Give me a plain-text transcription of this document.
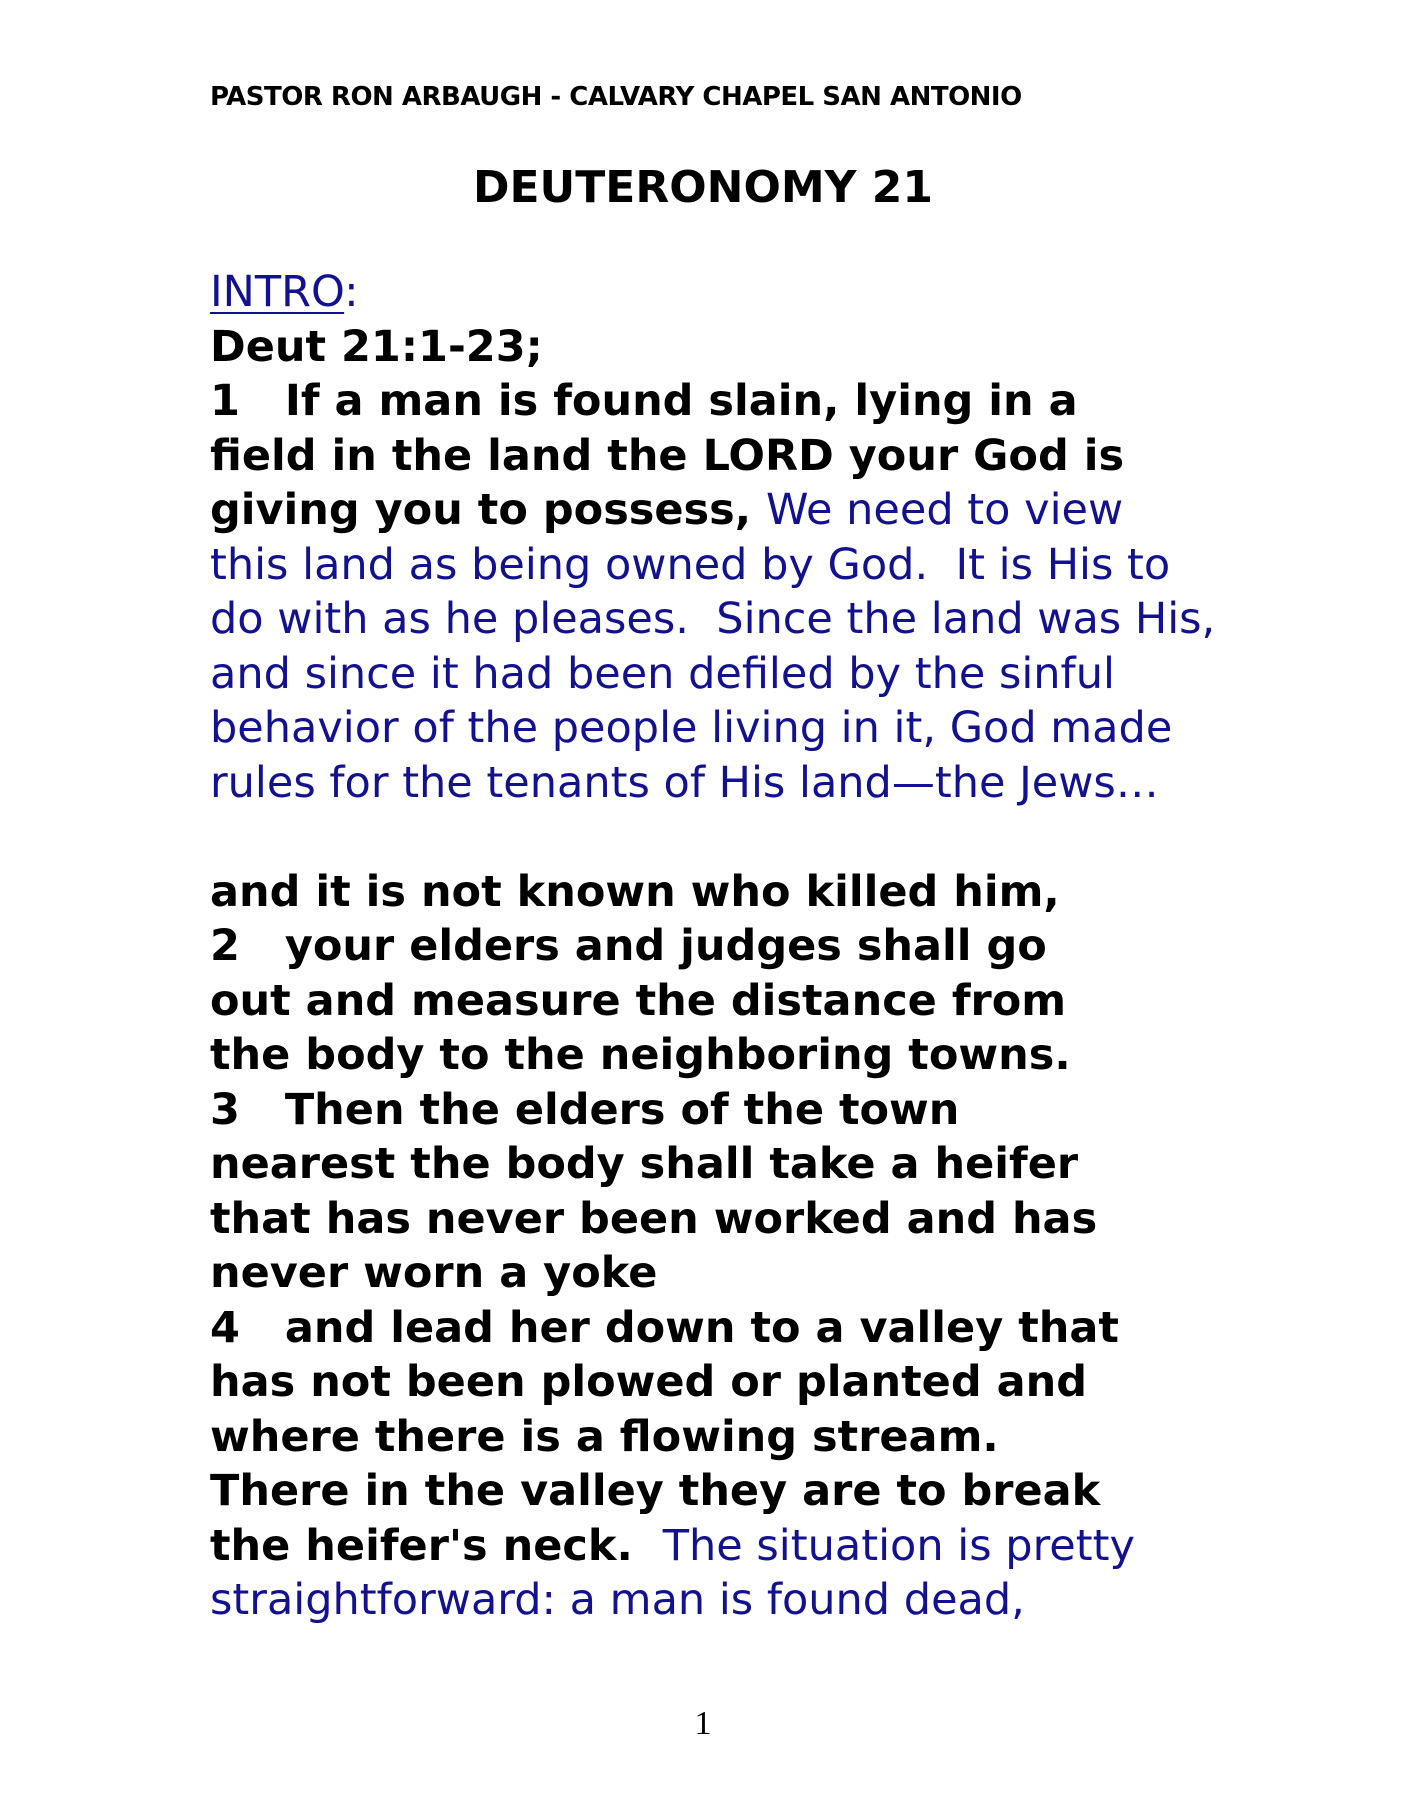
PASTOR RON ARBAUGH - CALVARY CHAPEL SAN ANTONIO
DEUTERONOMY 21
INTRO:
Deut 21:1-23;
1   If a man is found slain, lying in a
field in the land the LORD your God is
giving you to possess, We need to view
this land as being owned by God.  It is His to
do with as he pleases.  Since the land was His,
and since it had been defiled by the sinful
behavior of the people living in it, God made
rules for the tenants of His land—the Jews…
and it is not known who killed him,
2   your elders and judges shall go
out and measure the distance from
the body to the neighboring towns.
3   Then the elders of the town
nearest the body shall take a heifer
that has never been worked and has
never worn a yoke
4   and lead her down to a valley that
has not been plowed or planted and
where there is a flowing stream.
There in the valley they are to break
the heifer's neck.  The situation is pretty
straightforward: a man is found dead,
1
